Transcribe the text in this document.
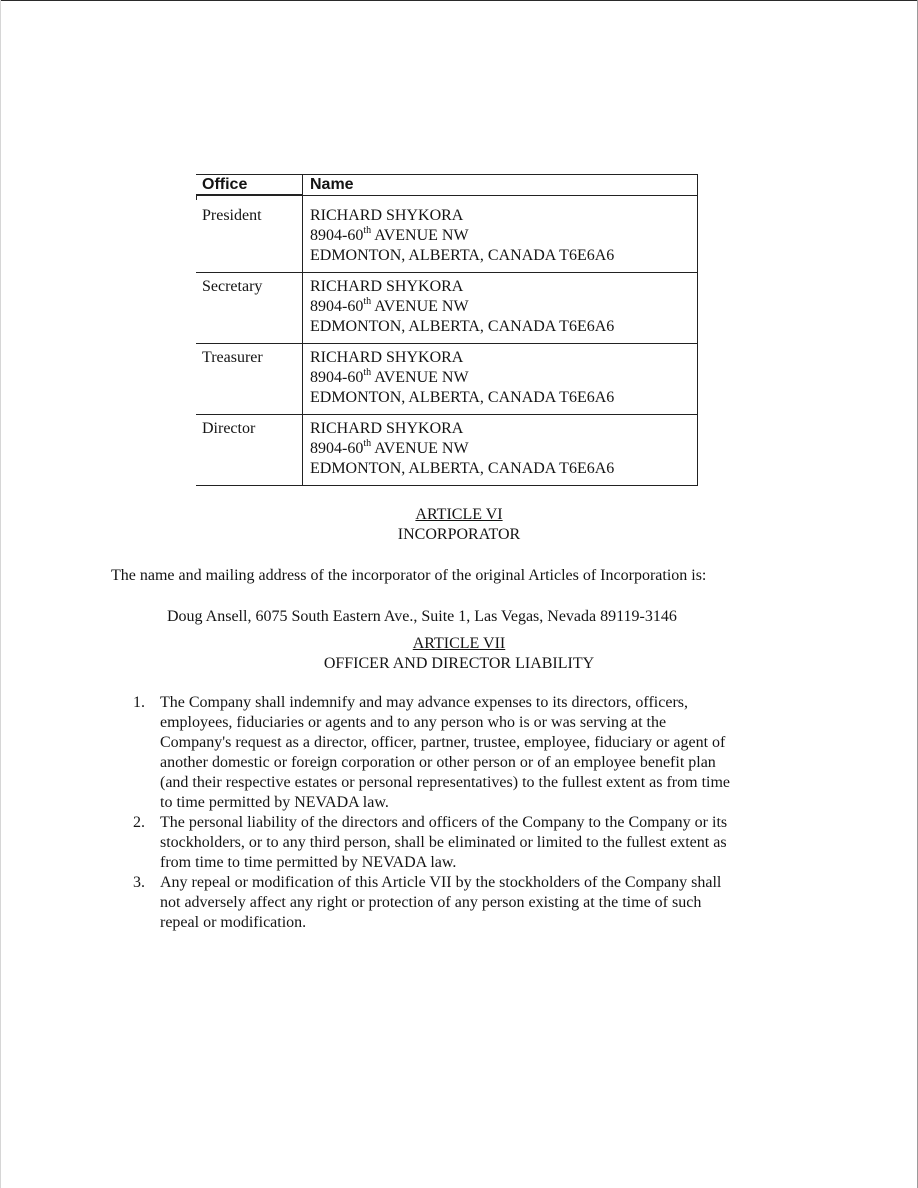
Office	Name
President	RICHARD SHYKORA
8904-60th AVENUE NW
EDMONTON, ALBERTA, CANADA T6E6A6
Secretary	RICHARD SHYKORA
8904-60th AVENUE NW
EDMONTON, ALBERTA, CANADA T6E6A6
Treasurer	RICHARD SHYKORA
8904-60th AVENUE NW
EDMONTON, ALBERTA, CANADA T6E6A6
Director	RICHARD SHYKORA
8904-60th AVENUE NW
EDMONTON, ALBERTA, CANADA T6E6A6
ARTICLE VI
INCORPORATOR
The name and mailing address of the incorporator of the original Articles of Incorporation is:
Doug Ansell, 6075 South Eastern Ave., Suite 1, Las Vegas, Nevada 89119-3146
ARTICLE VII
OFFICER AND DIRECTOR LIABILITY
1. The Company shall indemnify and may advance expenses to its directors, officers,
employees, fiduciaries or agents and to any person who is or was serving at the
Company's request as a director, officer, partner, trustee, employee, fiduciary or agent of
another domestic or foreign corporation or other person or of an employee benefit plan
(and their respective estates or personal representatives) to the fullest extent as from time
to time permitted by NEVADA law.
2. The personal liability of the directors and officers of the Company to the Company or its
stockholders, or to any third person, shall be eliminated or limited to the fullest extent as
from time to time permitted by NEVADA law.
3. Any repeal or modification of this Article VII by the stockholders of the Company shall
not adversely affect any right or protection of any person existing at the time of such
repeal or modification.
